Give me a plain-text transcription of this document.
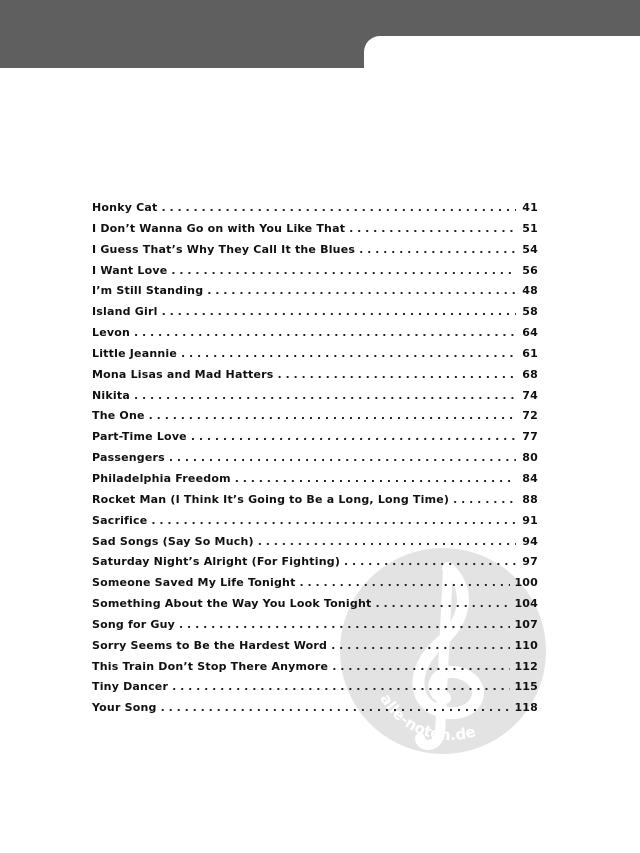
alle-noten.de
Honky Cat . . .	41
I Don’t Wanna Go on with You Like That . . .	51
I Guess That’s Why They Call It the Blues . . .	54
I Want Love . . .	56
I’m Still Standing . . .	48
Island Girl . . .	58
Levon . . .	64
Little Jeannie . . .	61
Mona Lisas and Mad Hatters . . .	68
Nikita . . .	74
The One . . .	72
Part-Time Love . . .	77
Passengers . . .	80
Philadelphia Freedom . . .	84
Rocket Man (I Think It’s Going to Be a Long, Long Time) . . .	88
Sacrifice . . .	91
Sad Songs (Say So Much) . . .	94
Saturday Night’s Alright (For Fighting) . . .	97
Someone Saved My Life Tonight . . .	100
Something About the Way You Look Tonight . . .	104
Song for Guy . . .	107
Sorry Seems to Be the Hardest Word . . .	110
This Train Don’t Stop There Anymore . . .	112
Tiny Dancer . . .	115
Your Song . . .	118
